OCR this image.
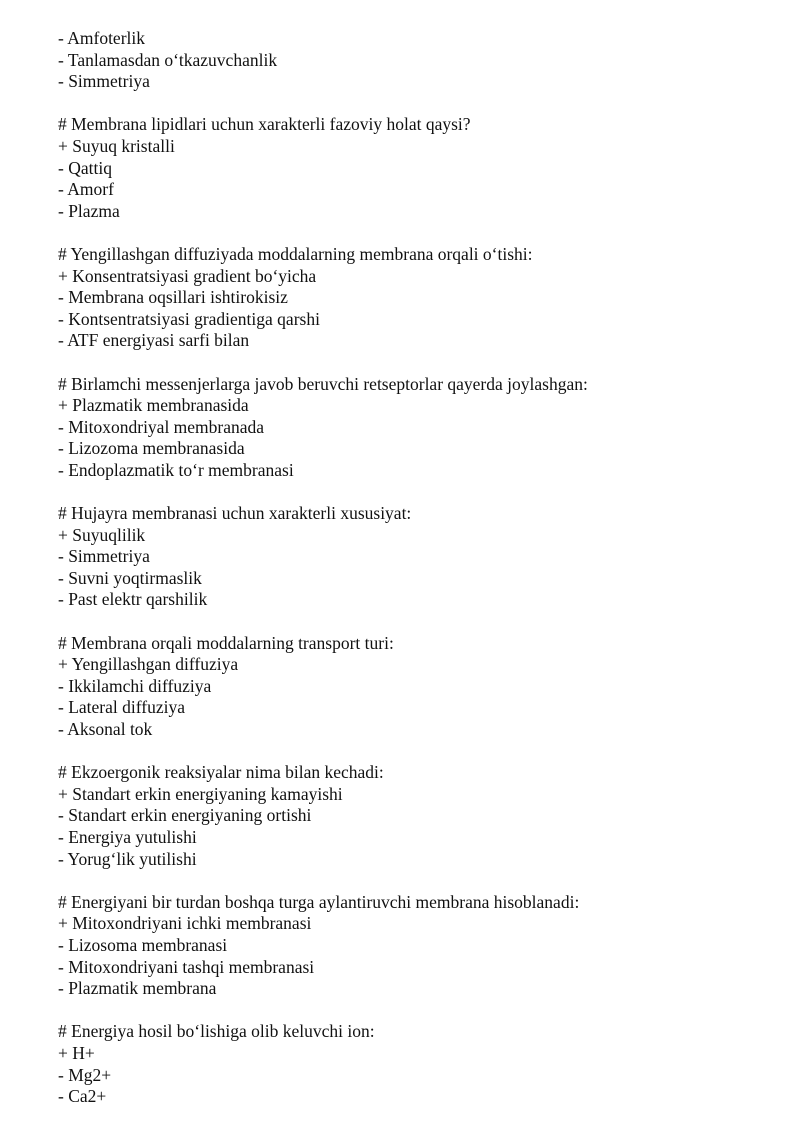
- Amfoterlik
- Tanlamasdan o‘tkazuvchanlik
- Simmetriya
# Membrana lipidlari uchun xarakterli fazoviy holat qaysi?
+ Suyuq kristalli
- Qattiq
- Amorf
- Plazma
# Yengillashgan diffuziyada moddalarning membrana orqali o‘tishi:
+ Konsentratsiyasi gradient bo‘yicha
- Membrana oqsillari ishtirokisiz
- Kontsentratsiyasi gradientiga qarshi
- ATF energiyasi sarfi bilan
# Birlamchi messenjerlarga javob beruvchi retseptorlar qayerda joylashgan:
+ Plazmatik membranasida
- Mitoxondriyal membranada
- Lizozoma membranasida
- Endoplazmatik to‘r membranasi
# Hujayra membranasi uchun xarakterli xususiyat:
+ Suyuqlilik
- Simmetriya
- Suvni yoqtirmaslik
- Past elektr qarshilik
# Membrana orqali moddalarning transport turi:
+ Yengillashgan diffuziya
- Ikkilamchi diffuziya
- Lateral diffuziya
- Aksonal tok
# Ekzoergonik reaksiyalar nima bilan kechadi:
+ Standart erkin energiyaning kamayishi
- Standart erkin energiyaning ortishi
- Energiya yutulishi
- Yorug‘lik yutilishi
# Energiyani bir turdan boshqa turga aylantiruvchi membrana hisoblanadi:
+ Mitoxondriyani ichki membranasi
- Lizosoma membranasi
- Mitoxondriyani tashqi membranasi
- Plazmatik membrana
# Energiya hosil bo‘lishiga olib keluvchi ion:
+ H+
- Mg2+
- Ca2+
